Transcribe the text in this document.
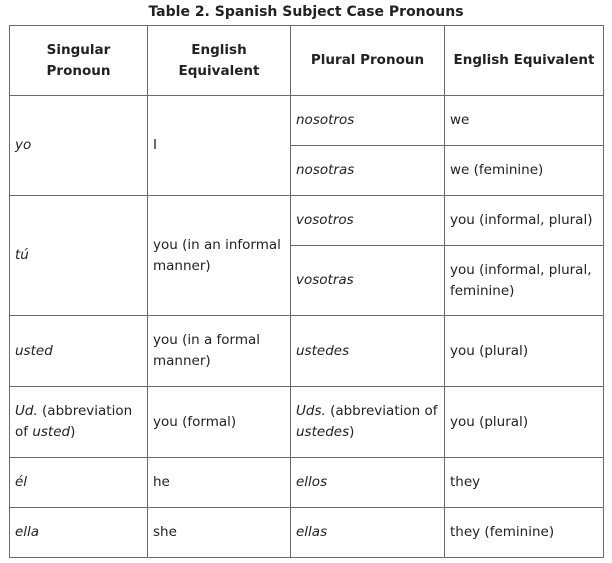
Table 2. Spanish Subject Case Pronouns
Singular Pronoun	English Equivalent	Plural Pronoun	English Equivalent
yo	I	nosotros	we
		nosotras	we (feminine)
tú	you (in an informal manner)	vosotros	you (informal, plural)
		vosotras	you (informal, plural, feminine)
usted	you (in a formal manner)	ustedes	you (plural)
Ud. (abbreviation of usted)	you (formal)	Uds. (abbreviation of ustedes)	you (plural)
él	he	ellos	they
ella	she	ellas	they (feminine)
